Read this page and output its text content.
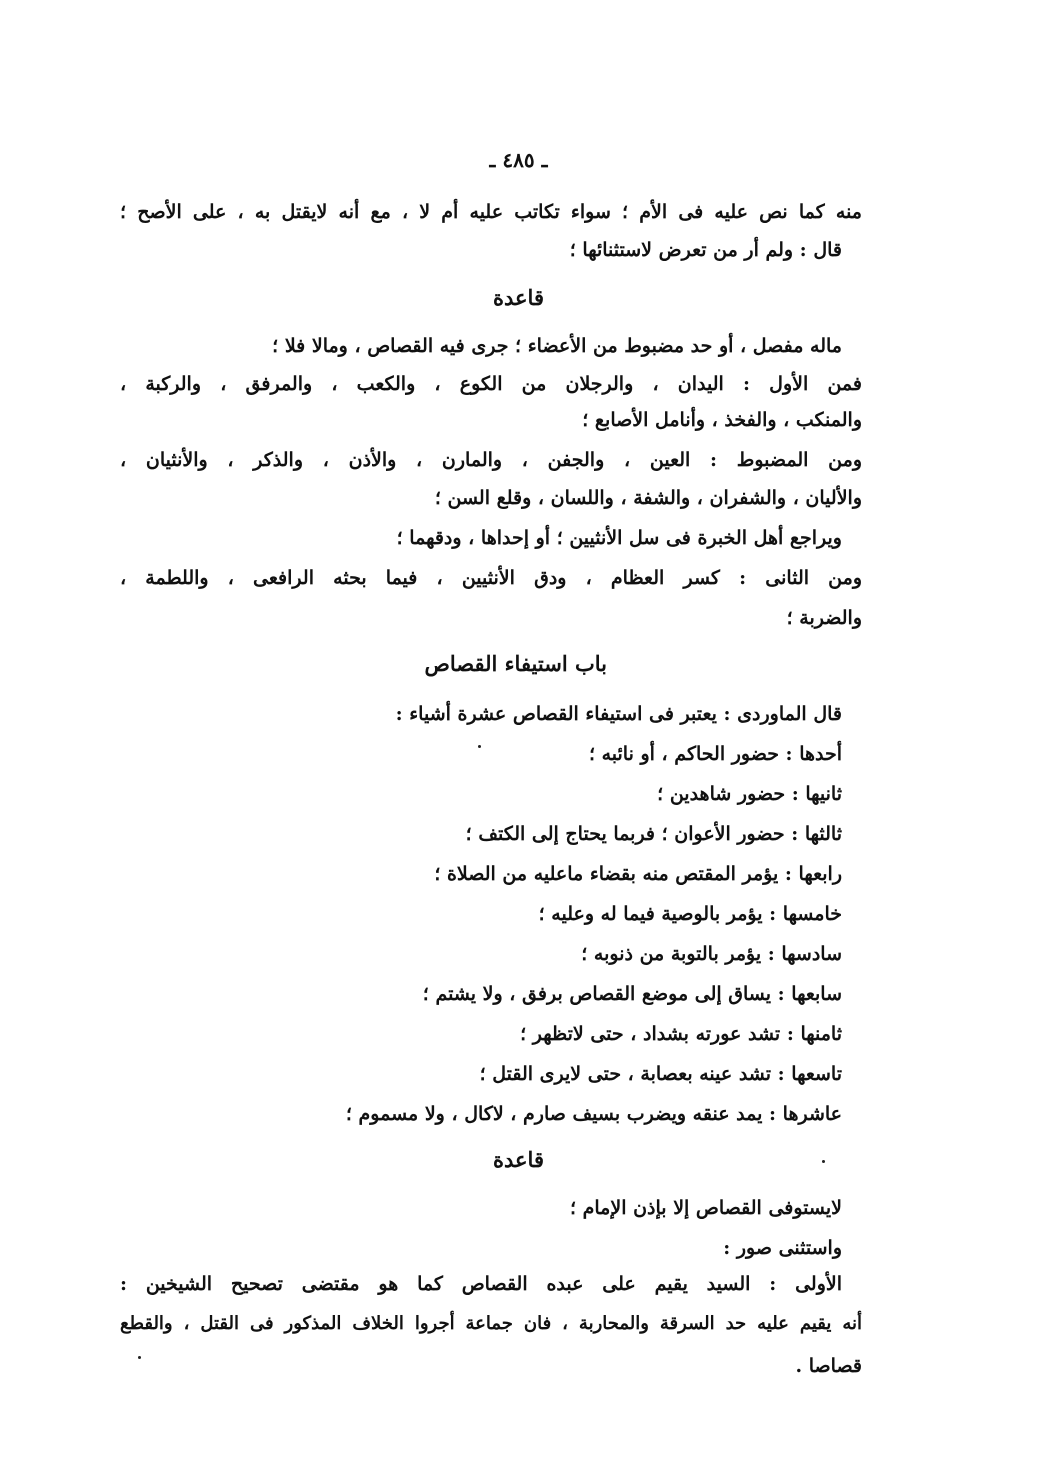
ـ ٤٨٥ ـ
منه كما نص عليه فى الأم ؛ سواء تكاتب عليه أم لا ، مع أنه لايقتل به ، على الأصح ؛
قال : ولم أر من تعرض لاستثنائها ؛
قاعدة
ماله مفصل ، أو حد مضبوط من الأعضاء ؛ جرى فيه القصاص ، ومالا فلا ؛
فمن الأول : اليدان ، والرجلان من الكوع ، والكعب ، والمرفق ، والركبة ،
والمنكب ، والفخذ ، وأنامل الأصابع ؛
ومن المضبوط : العين ، والجفن ، والمارن ، والأذن ، والذكر ، والأنثيان ،
والأليان ، والشفران ، والشفة ، واللسان ، وقلع السن ؛
ويراجع أهل الخبرة فى سل الأنثيين ؛ أو إحداها ، ودقهما ؛
ومن الثانى : كسر العظام ، ودق الأنثيين ، فيما بحثه الرافعى ، واللطمة ،
والضربة ؛
باب استيفاء القصاص
قال الماوردى : يعتبر فى استيفاء القصاص عشرة أشياء :
أحدها : حضور الحاكم ، أو نائبه ؛
ثانيها : حضور شاهدين ؛
ثالثها : حضور الأعوان ؛ فربما يحتاج إلى الكتف ؛
رابعها : يؤمر المقتص منه بقضاء ماعليه من الصلاة ؛
خامسها : يؤمر بالوصية فيما له وعليه ؛
سادسها : يؤمر بالتوبة من ذنوبه ؛
سابعها : يساق إلى موضع القصاص برفق ، ولا يشتم ؛
ثامنها : تشد عورته بشداد ، حتى لاتظهر ؛
تاسعها : تشد عينه بعصابة ، حتى لايرى القتل ؛
عاشرها : يمد عنقه ويضرب بسيف صارم ، لاكال ، ولا مسموم ؛
قاعدة
لايستوفى القصاص إلا بإذن الإمام ؛
واستثنى صور :
الأولى : السيد يقيم على عبده القصاص كما هو مقتضى تصحيح الشيخين :
أنه يقيم عليه حد السرقة والمحاربة ، فان جماعة أجروا الخلاف المذكور فى القتل ، والقطع
قصاصا .
